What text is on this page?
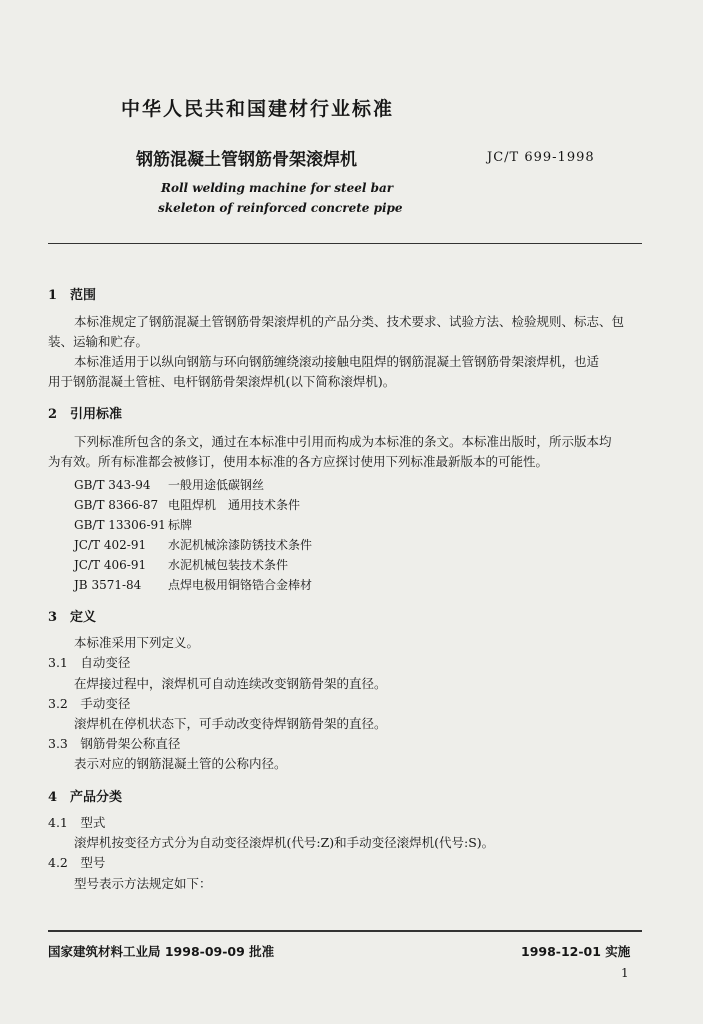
中华人民共和国建材行业标准
钢筋混凝土管钢筋骨架滚焊机	JC/T 699-1998
Roll welding machine for steel bar
skeleton of reinforced concrete pipe
1　范围
本标准规定了钢筋混凝土管钢筋骨架滚焊机的产品分类、技术要求、试验方法、检验规则、标志、包
装、运输和贮存。
本标准适用于以纵向钢筋与环向钢筋缠绕滚动接触电阻焊的钢筋混凝土管钢筋骨架滚焊机，也适
用于钢筋混凝土管桩、电杆钢筋骨架滚焊机(以下简称滚焊机)。
2　引用标准
下列标准所包含的条文，通过在本标准中引用而构成为本标准的条文。本标准出版时，所示版本均
为有效。所有标准都会被修订，使用本标准的各方应探讨使用下列标准最新版本的可能性。
GB/T 343-94 一般用途低碳钢丝
GB/T 8366-87 电阻焊机　通用技术条件
GB/T 13306-91 标牌
JC/T 402-91 水泥机械涂漆防锈技术条件
JC/T 406-91 水泥机械包装技术条件
JB 3571-84 点焊电极用铜铬锆合金棒材
3　定义
本标准采用下列定义。
3.1　自动变径
在焊接过程中，滚焊机可自动连续改变钢筋骨架的直径。
3.2　手动变径
滚焊机在停机状态下，可手动改变待焊钢筋骨架的直径。
3.3　钢筋骨架公称直径
表示对应的钢筋混凝土管的公称内径。
4　产品分类
4.1　型式
滚焊机按变径方式分为自动变径滚焊机(代号:Z)和手动变径滚焊机(代号:S)。
4.2　型号
型号表示方法规定如下：
国家建筑材料工业局 1998-09-09 批准	1998-12-01 实施
1
